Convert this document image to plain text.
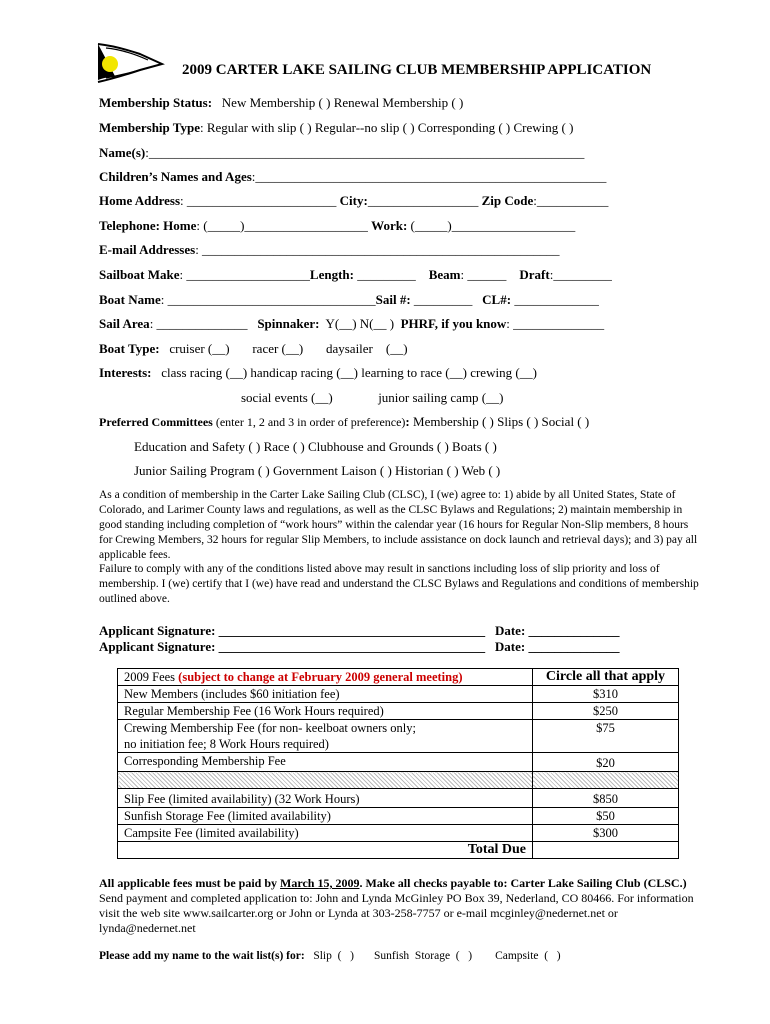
2009 CARTER LAKE SAILING CLUB MEMBERSHIP APPLICATION
Membership Status: New Membership ( ) Renewal Membership ( )
Membership Type: Regular with slip ( ) Regular--no slip ( ) Corresponding ( ) Crewing ( )
Name(s):___________________________________________________________________
Children’s Names and Ages:______________________________________________________
Home Address: _______________________ City:_________________ Zip Code:___________
Telephone: Home: (_____)___________________ Work: (_____)___________________
E-mail Addresses: _______________________________________________________
Sailboat Make: ___________________Length: _________ Beam: ______ Draft:_________
Boat Name: ________________________________Sail #: _________ CL#: _____________
Sail Area: ______________ Spinnaker: Y(__) N(__ ) PHRF, if you know: ______________
Boat Type: cruiser (__)       racer (__)       daysailer    (__)
Interests: class racing (__) handicap racing (__) learning to race (__) crewing (__)
social events (__)              junior sailing camp (__)
Preferred Committees (enter 1, 2 and 3 in order of preference): Membership ( ) Slips ( ) Social ( )
Education and Safety ( ) Race ( ) Clubhouse and Grounds ( ) Boats ( )
Junior Sailing Program ( ) Government Laison ( ) Historian ( ) Web ( )
As a condition of membership in the Carter Lake Sailing Club (CLSC), I (we) agree to: 1) abide by all United States, State of Colorado, and Larimer County laws and regulations, as well as the CLSC Bylaws and Regulations; 2) maintain membership in good standing including completion of “work hours” within the calendar year (16 hours for Regular Non-Slip members, 8 hours for Crewing Members, 32 hours for regular Slip Members, to include assistance on dock launch and retrieval days); and 3) pay all applicable fees.
Failure to comply with any of the conditions listed above may result in sanctions including loss of slip priority and loss of membership. I (we) certify that I (we) have read and understand the CLSC Bylaws and Regulations and conditions of membership outlined above.
Applicant Signature: _________________________________________ Date: ______________
Applicant Signature: _________________________________________ Date: ______________
2009 Fees (subject to change at February 2009 general meeting)	Circle all that apply
New Members (includes $60 initiation fee)	$310
Regular Membership Fee (16 Work Hours required)	$250
Crewing Membership Fee (for non- keelboat owners only;
no initiation fee; 8 Work Hours required)	$75
Corresponding Membership Fee	$20

Slip Fee (limited availability) (32 Work Hours)	$850
Sunfish Storage Fee (limited availability)	$50
Campsite Fee (limited availability)	$300
Total Due	
All applicable fees must be paid by March 15, 2009. Make all checks payable to: Carter Lake Sailing Club (CLSC.) Send payment and completed application to: John and Lynda McGinley PO Box 39, Nederland, CO 80466. For information visit the web site www.sailcarter.org or John or Lynda at 303-258-7757 or e-mail mcginley@nedernet.net or lynda@nedernet.net
Please add my name to the wait list(s) for:   Slip  (   )       Sunfish  Storage  (   )        Campsite  (   )
